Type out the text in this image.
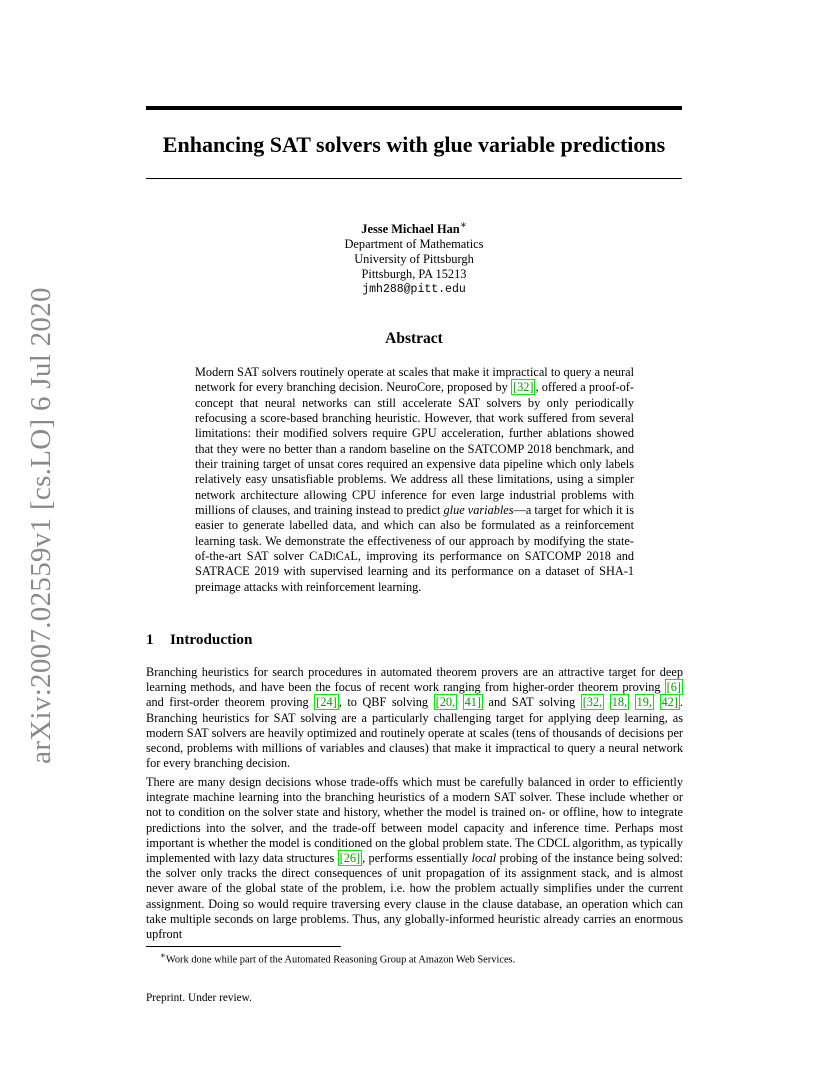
arXiv:2007.02559v1 [cs.LO] 6 Jul 2020
Enhancing SAT solvers with glue variable predictions
Jesse Michael Han∗
Department of Mathematics
University of Pittsburgh
Pittsburgh, PA 15213
jmh288@pitt.edu
Abstract

Modern SAT solvers routinely operate at scales that make it impractical to query a neural network for every branching decision. NeuroCore, proposed by [32] , offered a proof-of-concept that neural networks can still accelerate SAT solvers by only periodically refocusing a score-based branching heuristic. However, that work suffered from several limitations: their modified solvers require GPU acceleration, further ablations showed that they were no better than a random baseline on the SATCOMP 2018 benchmark, and their training target of unsat cores required an expensive data pipeline which only labels relatively easy unsatisfiable problems. We address all these limitations, using a simpler network architecture allowing CPU inference for even large industrial problems with millions of clauses, and training instead to predict glue variables—a target for which it is easier to generate labelled data, and which can also be formulated as a reinforcement learning task. We demonstrate the effectiveness of our approach by modifying the state-of-the-art SAT solver CaDiCaL, improving its performance on SATCOMP 2018 and SATRACE 2019 with supervised learning and its performance on a dataset of SHA-1 preimage attacks with reinforcement learning.

1 Introduction

Branching heuristics for search procedures in automated theorem provers are an attractive target for deep learning methods, and have been the focus of recent work ranging from higher-order theorem proving [6] and first-order theorem proving [24] , to QBF solving [20, 41] and SAT solving [32, 18, 19, 42] . Branching heuristics for SAT solving are a particularly challenging target for applying deep learning, as modern SAT solvers are heavily optimized and routinely operate at scales (tens of thousands of decisions per second, problems with millions of variables and clauses) that make it impractical to query a neural network for every branching decision.

There are many design decisions whose trade-offs which must be carefully balanced in order to efficiently integrate machine learning into the branching heuristics of a modern SAT solver. These include whether or not to condition on the solver state and history, whether the model is trained on- or offline, how to integrate predictions into the solver, and the trade-off between model capacity and inference time. Perhaps most important is whether the model is conditioned on the global problem state. The CDCL algorithm, as typically implemented with lazy data structures [26] , performs essentially local probing of the instance being solved: the solver only tracks the direct consequences of unit propagation of its assignment stack, and is almost never aware of the global state of the problem, i.e. how the problem actually simplifies under the current assignment. Doing so would require traversing every clause in the clause database, an operation which can take multiple seconds on large problems. Thus, any globally-informed heuristic already carries an enormous upfront

∗Work done while part of the Automated Reasoning Group at Amazon Web Services.
Preprint. Under review.
